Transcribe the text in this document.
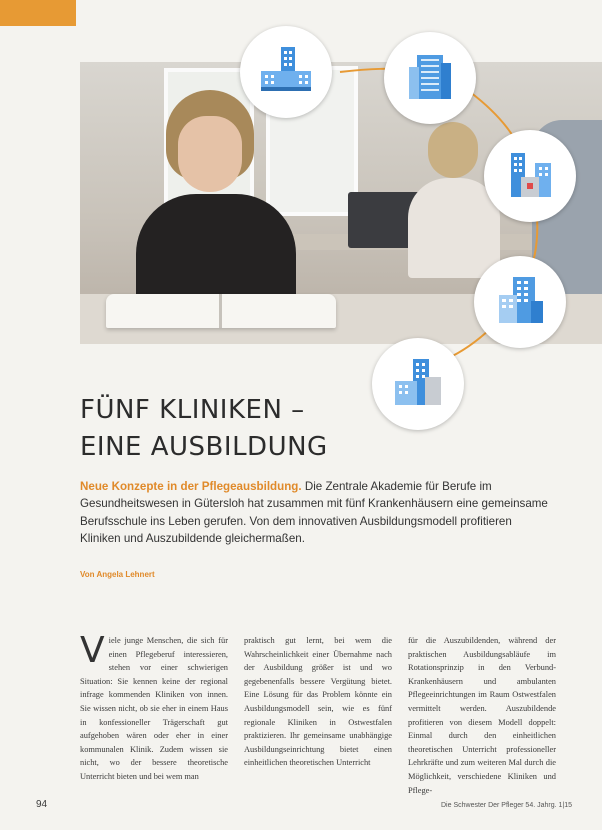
FÜNF KLINIKEN –
EINE AUSBILDUNG

Neue Konzepte in der Pflegeausbildung. Die Zentrale Akademie für Berufe im Gesundheitswesen in Gütersloh hat zusammen mit fünf Krankenhäusern eine gemeinsame Berufsschule ins Leben gerufen. Von dem innovativen Ausbildungsmodell profitieren Kliniken und Auszubildende gleichermaßen.

Von Angela Lehnert
Viele junge Menschen, die sich für einen Pflegeberuf interessieren, stehen vor einer schwierigen Situation: Sie kennen keine der regional infrage kommenden Kliniken von innen. Sie wissen nicht, ob sie eher in einem Haus in konfessioneller Trägerschaft gut aufgehoben wären oder eher in einer kommunalen Klinik. Zudem wissen sie nicht, wo der bessere theoretische Unterricht bieten und bei wem man
praktisch gut lernt, bei wem die Wahrscheinlichkeit einer Übernahme nach der Ausbildung größer ist und wo gegebenenfalls bessere Vergütung bietet. Eine Lösung für das Problem könnte ein Ausbildungsmodell sein, wie es fünf regionale Kliniken in Ostwestfalen praktizieren. Ihr gemeinsame unabhängige Ausbildungseinrichtung bietet einen einheitlichen theoretischen Unterricht
für die Auszubildenden, während der praktischen Ausbildungsabläufe im Rotationsprinzip in den Verbund-Krankenhäusern und ambulanten Pflegeeinrichtungen im Raum Ostwestfalen vermittelt werden. Auszubildende profitieren von diesem Modell doppelt: Einmal durch den einheitlichen theoretischen Unterricht professioneller Lehrkräfte und zum weiteren Mal durch die Möglichkeit, verschiedene Kliniken und Pflege-
94	Die Schwester Der Pfleger 54. Jahrg. 1|15
